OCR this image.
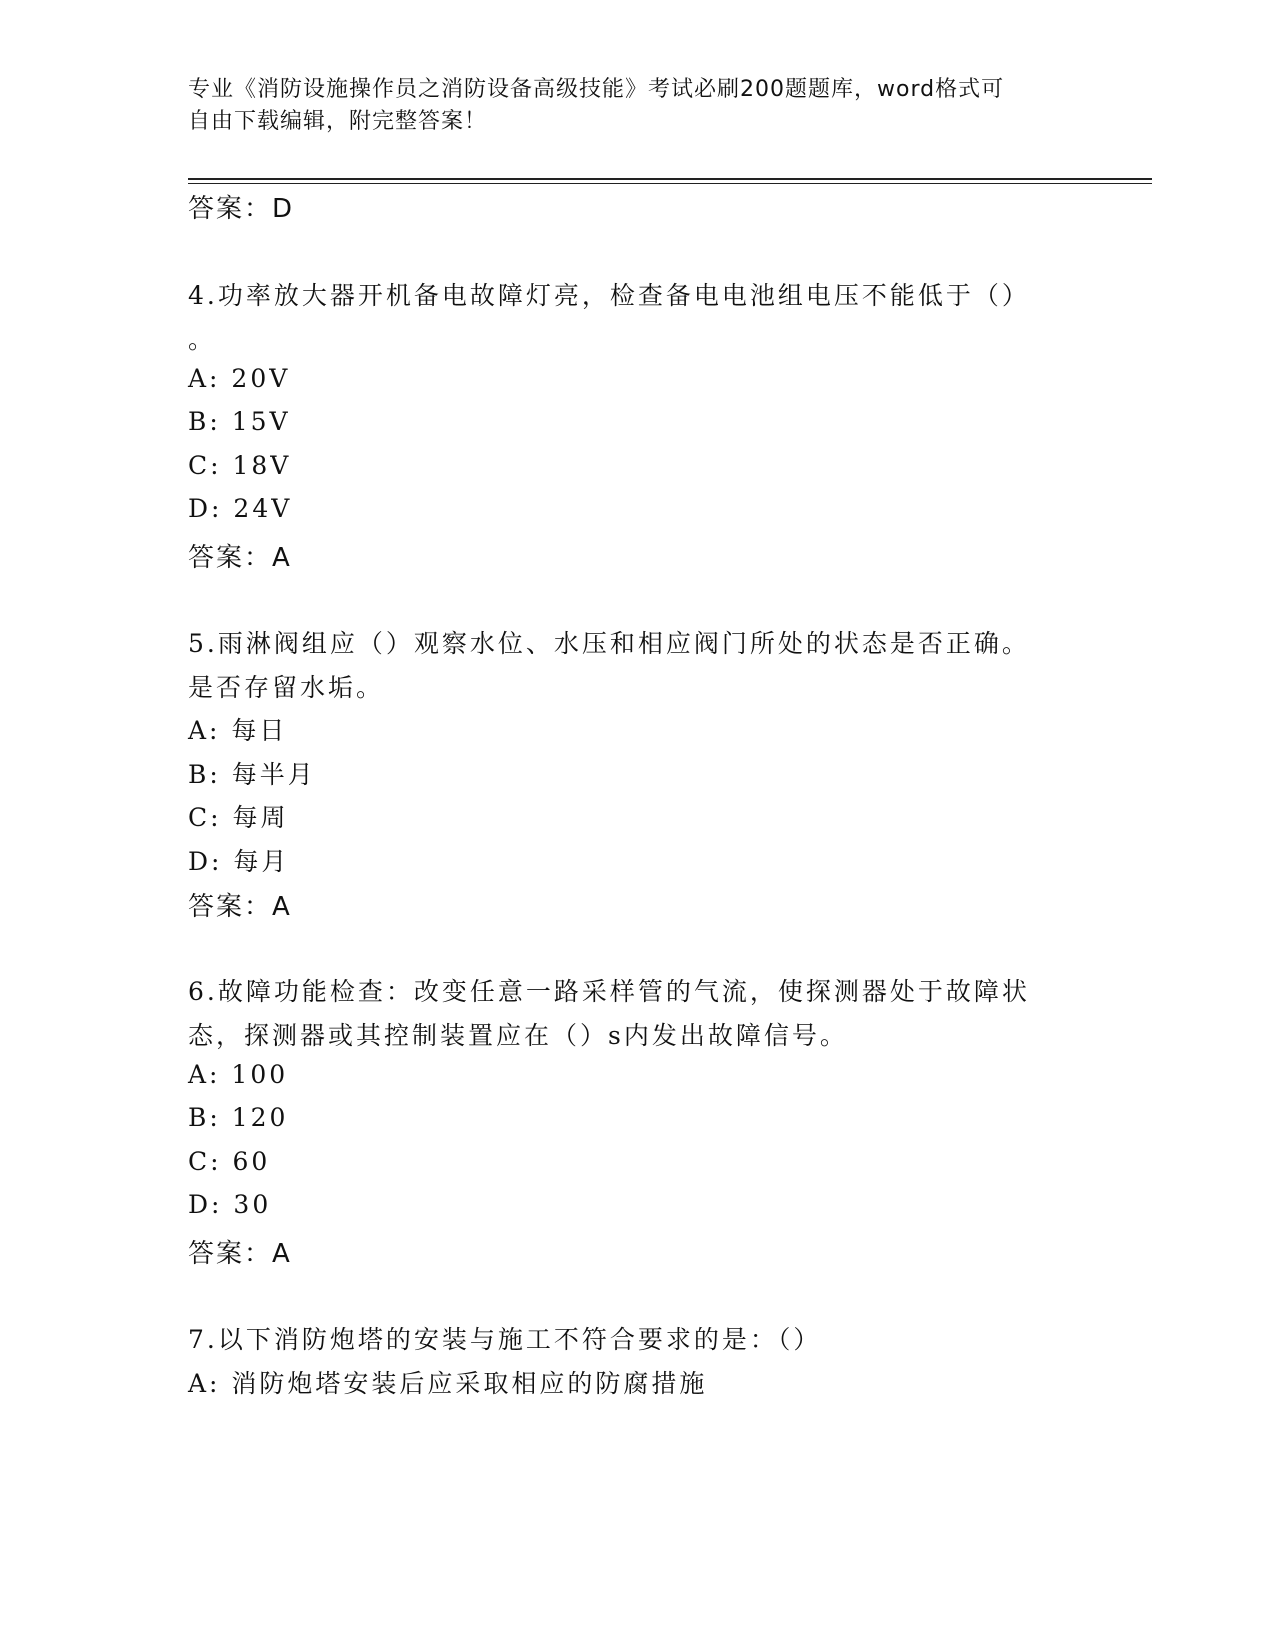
专业《消防设施操作员之消防设备高级技能》考试必刷200题题库，word格式可
自由下载编辑，附完整答案！
答案：D
4.功率放大器开机备电故障灯亮，检查备电电池组电压不能低于（）
。
A: 20V
B: 15V
C: 18V
D: 24V
答案：A
5.雨淋阀组应（）观察水位、水压和相应阀门所处的状态是否正确。
是否存留水垢。
A: 每日
B: 每半月
C: 每周
D: 每月
答案：A
6.故障功能检查：改变任意一路采样管的气流，使探测器处于故障状
态，探测器或其控制装置应在（）s内发出故障信号。
A: 100
B: 120
C: 60
D: 30
答案：A
7.以下消防炮塔的安装与施工不符合要求的是：（）
A: 消防炮塔安装后应采取相应的防腐措施
